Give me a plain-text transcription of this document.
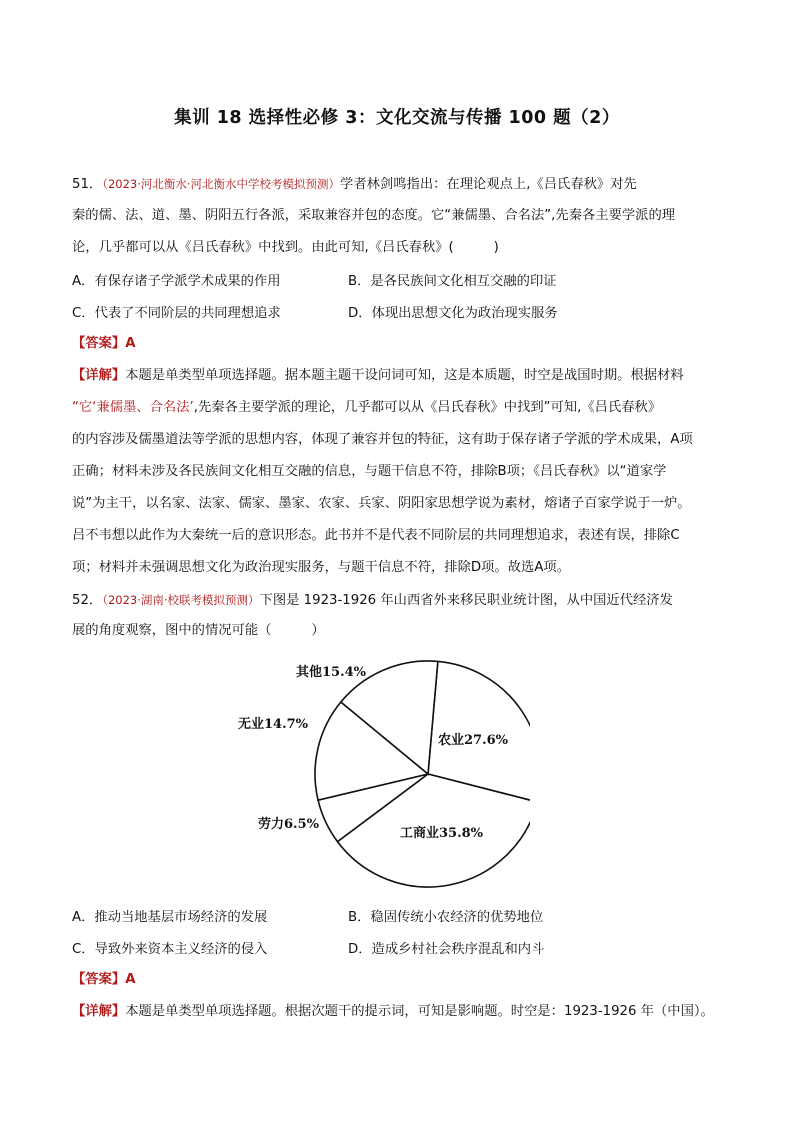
集训 18 选择性必修 3：文化交流与传播 100 题（2）
51．（2023·河北衡水·河北衡水中学校考模拟预测）学者林剑鸣指出：在理论观点上,《吕氏春秋》对先
秦的儒、法、道、墨、阴阳五行各派，采取兼容并包的态度。它“兼儒墨、合名法”,先秦各主要学派的理
论，几乎都可以从《吕氏春秋》中找到。由此可知,《吕氏春秋》(　　　)
A．有保存诸子学派学术成果的作用	B．是各民族间文化相互交融的印证
C．代表了不同阶层的共同理想追求	D．体现出思想文化为政治现实服务
【答案】A
【详解】本题是单类型单项选择题。据本题主题干设问词可知，这是本质题，时空是战国时期。根据材料
“它‘兼儒墨、合名法’,先秦各主要学派的理论，几乎都可以从《吕氏春秋》中找到”可知,《吕氏春秋》
的内容涉及儒墨道法等学派的思想内容，体现了兼容并包的特征，这有助于保存诸子学派的学术成果，A项
正确；材料未涉及各民族间文化相互交融的信息，与题干信息不符，排除B项；《吕氏春秋》以“道家学
说”为主干，以名家、法家、儒家、墨家、农家、兵家、阴阳家思想学说为素材，熔诸子百家学说于一炉。
吕不韦想以此作为大秦统一后的意识形态。此书并不是代表不同阶层的共同理想追求，表述有误，排除C
项；材料并未强调思想文化为政治现实服务，与题干信息不符，排除D项。故选A项。
52．（2023·湖南·校联考模拟预测）下图是 1923-1926 年山西省外来移民职业统计图，从中国近代经济发
展的角度观察，图中的情况可能（　　　）
农业27.6%
工商业35.8%
劳力6.5%
无业14.7%
其他15.4%
A．推动当地基层市场经济的发展	B．稳固传统小农经济的优势地位
C．导致外来资本主义经济的侵入	D．造成乡村社会秩序混乱和内斗
【答案】A
【详解】本题是单类型单项选择题。根据次题干的提示词，可知是影响题。时空是：1923-1926 年（中国）。
